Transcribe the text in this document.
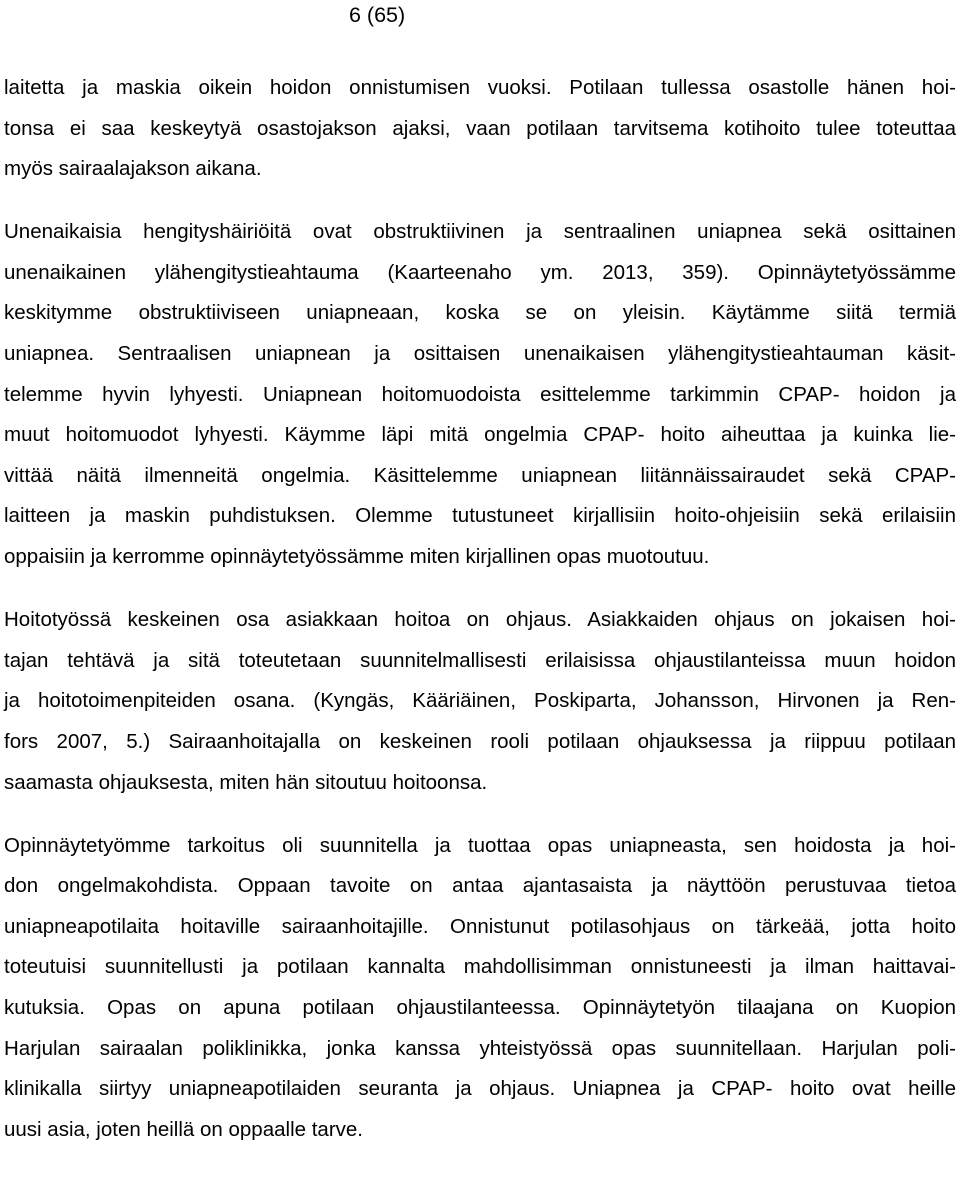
6 (65)
laitetta ja maskia oikein hoidon onnistumisen vuoksi. Potilaan tullessa osastolle hänen hoi-
tonsa ei saa keskeytyä osastojakson ajaksi, vaan potilaan tarvitsema kotihoito tulee toteuttaa
myös sairaalajakson aikana.
Unenaikaisia hengityshäiriöitä ovat obstruktiivinen ja sentraalinen uniapnea sekä osittainen
unenaikainen ylähengitystieahtauma (Kaarteenaho ym. 2013, 359). Opinnäytetyössämme
keskitymme obstruktiiviseen uniapneaan, koska se on yleisin. Käytämme siitä termiä
uniapnea. Sentraalisen uniapnean ja osittaisen unenaikaisen ylähengitystieahtauman käsit-
telemme hyvin lyhyesti. Uniapnean hoitomuodoista esittelemme tarkimmin CPAP- hoidon ja
muut hoitomuodot lyhyesti. Käymme läpi mitä ongelmia CPAP- hoito aiheuttaa ja kuinka lie-
vittää näitä ilmenneitä ongelmia. Käsittelemme uniapnean liitännäissairaudet sekä CPAP-
laitteen ja maskin puhdistuksen. Olemme tutustuneet kirjallisiin hoito-ohjeisiin sekä erilaisiin
oppaisiin ja kerromme opinnäytetyössämme miten kirjallinen opas muotoutuu.
Hoitotyössä keskeinen osa asiakkaan hoitoa on ohjaus. Asiakkaiden ohjaus on jokaisen hoi-
tajan tehtävä ja sitä toteutetaan suunnitelmallisesti erilaisissa ohjaustilanteissa muun hoidon
ja hoitotoimenpiteiden osana. (Kyngäs, Kääriäinen, Poskiparta, Johansson, Hirvonen ja Ren-
fors 2007, 5.) Sairaanhoitajalla on keskeinen rooli potilaan ohjauksessa ja riippuu potilaan
saamasta ohjauksesta, miten hän sitoutuu hoitoonsa.
Opinnäytetyömme tarkoitus oli suunnitella ja tuottaa opas uniapneasta, sen hoidosta ja hoi-
don ongelmakohdista. Oppaan tavoite on antaa ajantasaista ja näyttöön perustuvaa tietoa
uniapneapotilaita hoitaville sairaanhoitajille. Onnistunut potilasohjaus on tärkeää, jotta hoito
toteutuisi suunnitellusti ja potilaan kannalta mahdollisimman onnistuneesti ja ilman haittavai-
kutuksia. Opas on apuna potilaan ohjaustilanteessa. Opinnäytetyön tilaajana on Kuopion
Harjulan sairaalan poliklinikka, jonka kanssa yhteistyössä opas suunnitellaan. Harjulan poli-
klinikalla siirtyy uniapneapotilaiden seuranta ja ohjaus. Uniapnea ja CPAP- hoito ovat heille
uusi asia, joten heillä on oppaalle tarve.
